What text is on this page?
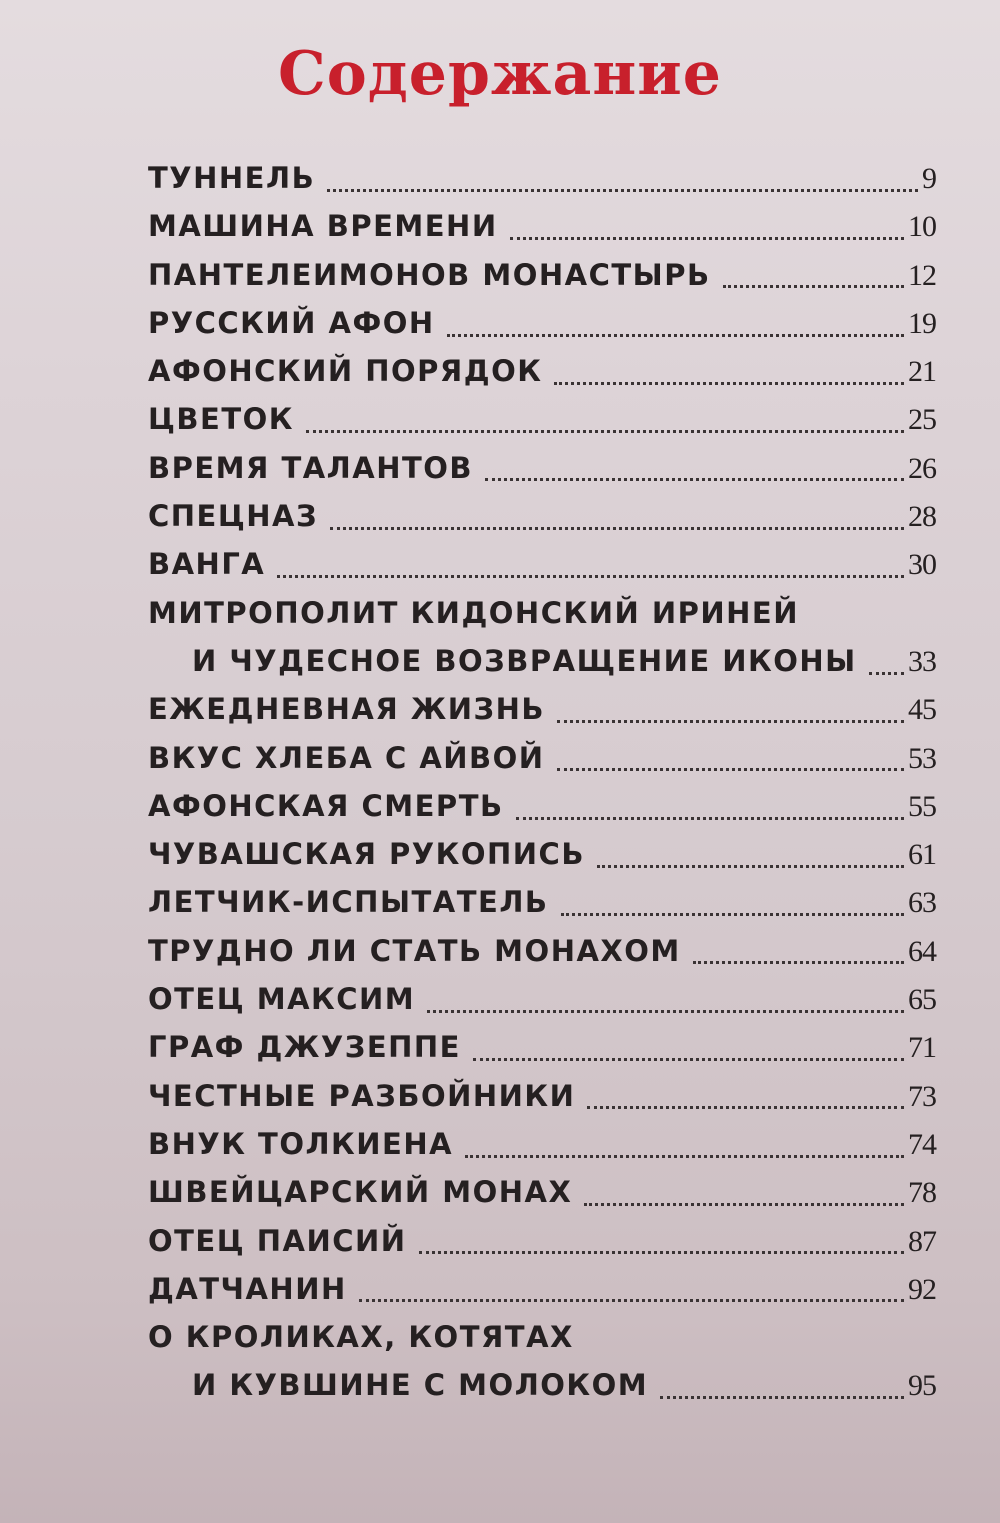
Содержание
ТУННЕЛЬ	9
МАШИНА ВРЕМЕНИ	10
ПАНТЕЛЕИМОНОВ МОНАСТЫРЬ	12
РУССКИЙ АФОН	19
АФОНСКИЙ ПОРЯДОК	21
ЦВЕТОК	25
ВРЕМЯ ТАЛАНТОВ	26
СПЕЦНАЗ	28
ВАНГА	30
МИТРОПОЛИТ КИДОНСКИЙ ИРИНЕЙ
И ЧУДЕСНОЕ ВОЗВРАЩЕНИЕ ИКОНЫ 33
ЕЖЕДНЕВНАЯ ЖИЗНЬ	45
ВКУС ХЛЕБА С АЙВОЙ	53
АФОНСКАЯ СМЕРТЬ	55
ЧУВАШСКАЯ РУКОПИСЬ	61
ЛЕТЧИК-ИСПЫТАТЕЛЬ	63
ТРУДНО ЛИ СТАТЬ МОНАХОМ	64
ОТЕЦ МАКСИМ	65
ГРАФ ДЖУЗЕППЕ	71
ЧЕСТНЫЕ РАЗБОЙНИКИ	73
ВНУК ТОЛКИЕНА	74
ШВЕЙЦАРСКИЙ МОНАХ	78
ОТЕЦ ПАИСИЙ	87
ДАТЧАНИН	92
О КРОЛИКАХ, КОТЯТАХ
И КУВШИНЕ С МОЛОКОМ	95
